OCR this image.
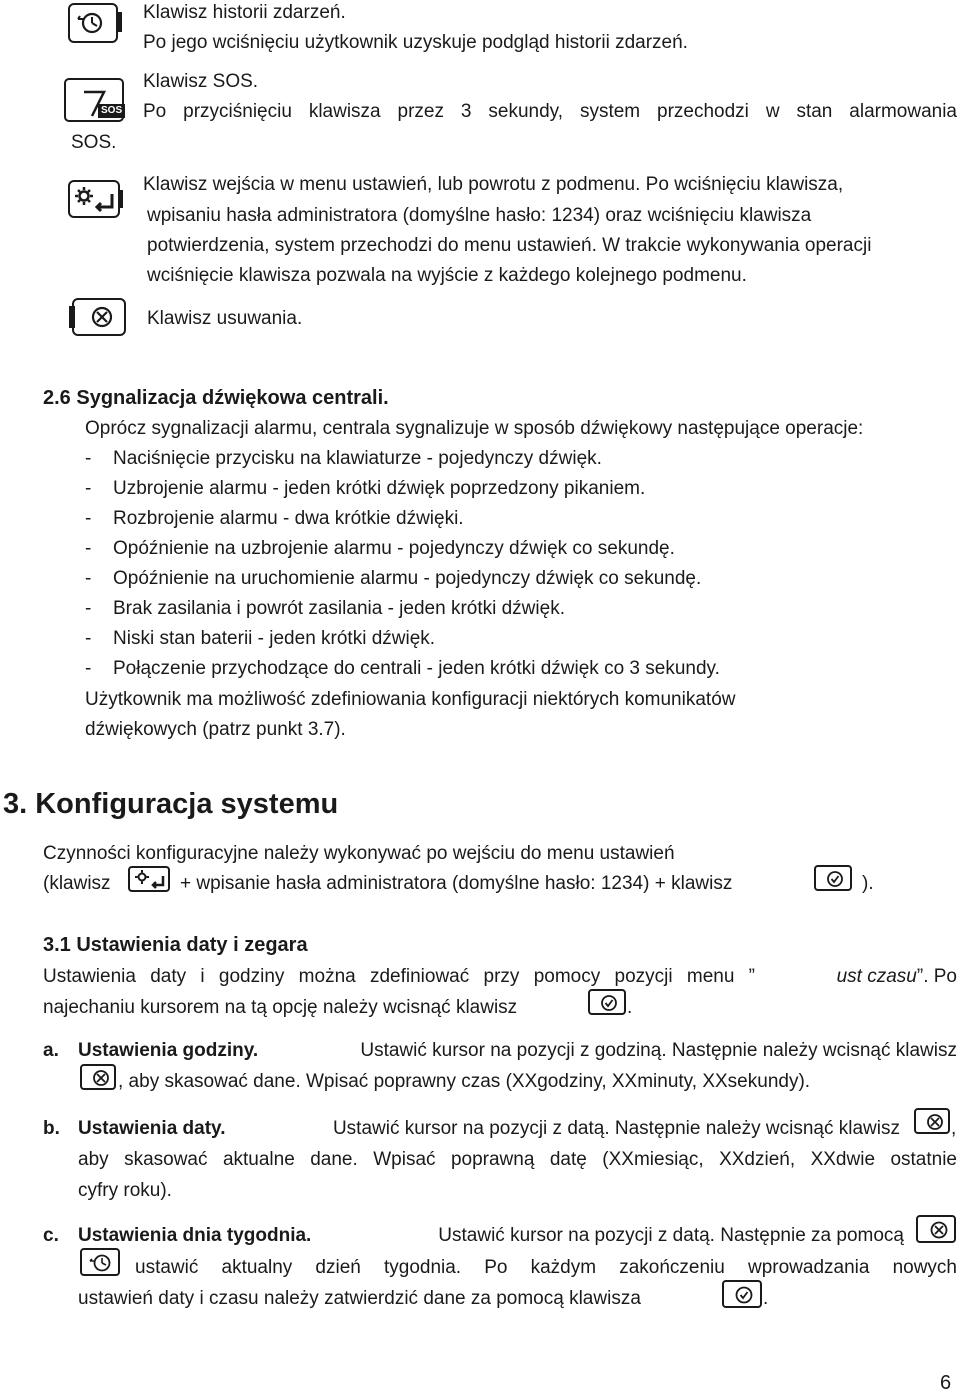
SOS
Klawisz historii zdarzeń.
Po jego wciśnięciu użytkownik uzyskuje podgląd historii zdarzeń.
Klawisz SOS.
Po przyciśnięciu klawisza przez 3 sekundy, system przechodzi w stan alarmowania
SOS.
Klawisz wejścia w menu ustawień, lub powrotu z podmenu. Po wciśnięciu klawisza,
wpisaniu hasła administratora (domyślne hasło: 1234) oraz wciśnięciu klawisza
potwierdzenia, system przechodzi do menu ustawień. W trakcie wykonywania operacji
wciśnięcie klawisza pozwala na wyjście z każdego kolejnego podmenu.
Klawisz usuwania.
2.6 Sygnalizacja dźwiękowa centrali.
Oprócz sygnalizacji alarmu, centrala sygnalizuje w sposób dźwiękowy następujące operacje:
- Naciśnięcie przycisku na klawiaturze - pojedynczy dźwięk.
- Uzbrojenie alarmu - jeden krótki dźwięk poprzedzony pikaniem.
- Rozbrojenie alarmu - dwa krótkie dźwięki.
- Opóźnienie na uzbrojenie alarmu - pojedynczy dźwięk co sekundę.
- Opóźnienie na uruchomienie alarmu - pojedynczy dźwięk co sekundę.
- Brak zasilania i powrót zasilania - jeden krótki dźwięk.
- Niski stan baterii - jeden krótki dźwięk.
- Połączenie przychodzące do centrali - jeden krótki dźwięk co 3 sekundy.
Użytkownik ma możliwość zdefiniowania konfiguracji niektórych komunikatów
dźwiękowych (patrz punkt 3.7).
3. Konfiguracja systemu
Czynności konfiguracyjne należy wykonywać po wejściu do menu ustawień
(klawisz	+ wpisanie hasła administratora (domyślne hasło: 1234) + klawisz	).
3.1 Ustawienia daty i zegara
Ustawienia daty i godziny można zdefiniować przy pomocy pozycji menu ”	ust czasu”. Po
najechaniu kursorem na tą opcję należy wcisnąć klawisz	.
a. Ustawienia godziny.	Ustawić kursor na pozycji z godziną. Następnie należy wcisnąć klawisz
, aby skasować dane. Wpisać poprawny czas (XXgodziny, XXminuty, XXsekundy).
b. Ustawienia daty.	Ustawić kursor na pozycji z datą. Następnie należy wcisnąć klawisz	,
aby skasować aktualne dane. Wpisać poprawną datę (XXmiesiąc, XXdzień, XXdwie ostatnie
cyfry roku).
c. Ustawienia dnia tygodnia.	Ustawić kursor na pozycji z datą. Następnie za pomocą
ustawić aktualny dzień tygodnia. Po każdym zakończeniu wprowadzania nowych
ustawień daty i czasu należy zatwierdzić dane za pomocą klawisza	.
6
